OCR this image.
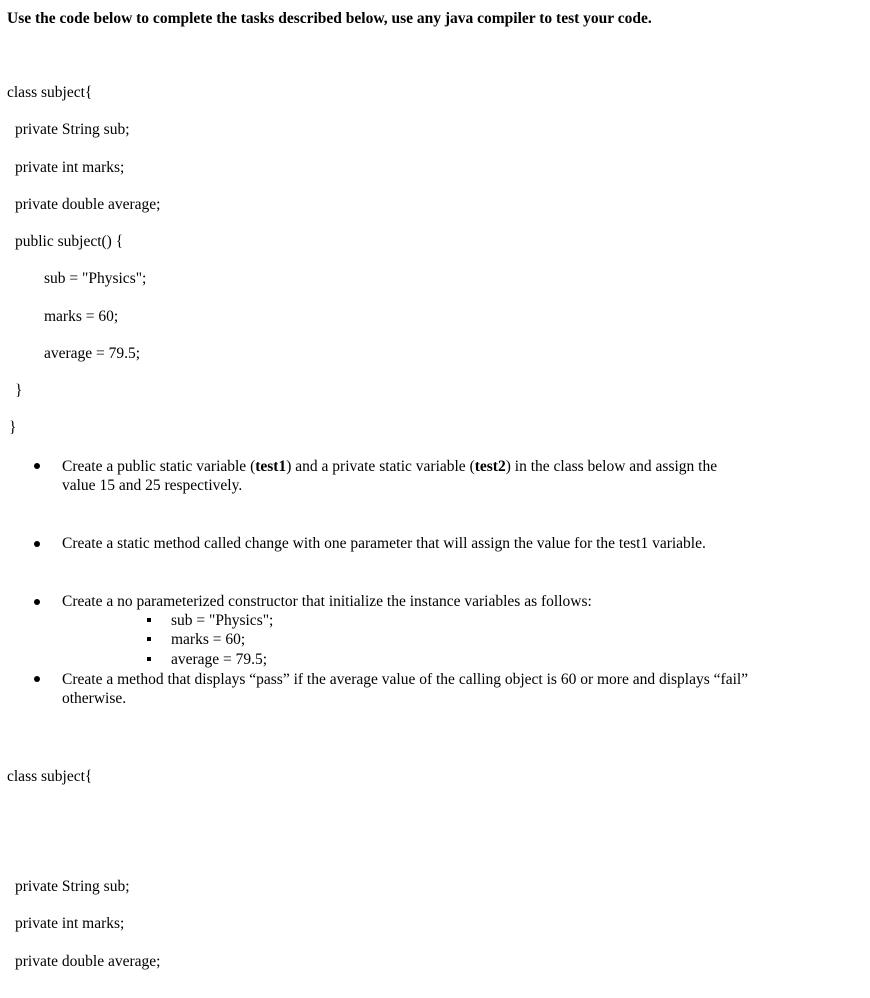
Use the code below to complete the tasks described below, use any java compiler to test your code.
class subject{
private String sub;
private int marks;
private double average;
public subject() {
sub = "Physics";
marks = 60;
average = 79.5;
}
}
Create a public static variable (test1) and a private static variable (test2) in the class below and assign the
value 15 and 25 respectively.
Create a static method called change with one parameter that will assign the value for the test1 variable.
Create a no parameterized constructor that initialize the instance variables as follows:
sub = "Physics";
marks = 60;
average = 79.5;
Create a method that displays “pass” if the average value of the calling object is 60 or more and displays “fail”
otherwise.
class subject{
private String sub;
private int marks;
private double average;
